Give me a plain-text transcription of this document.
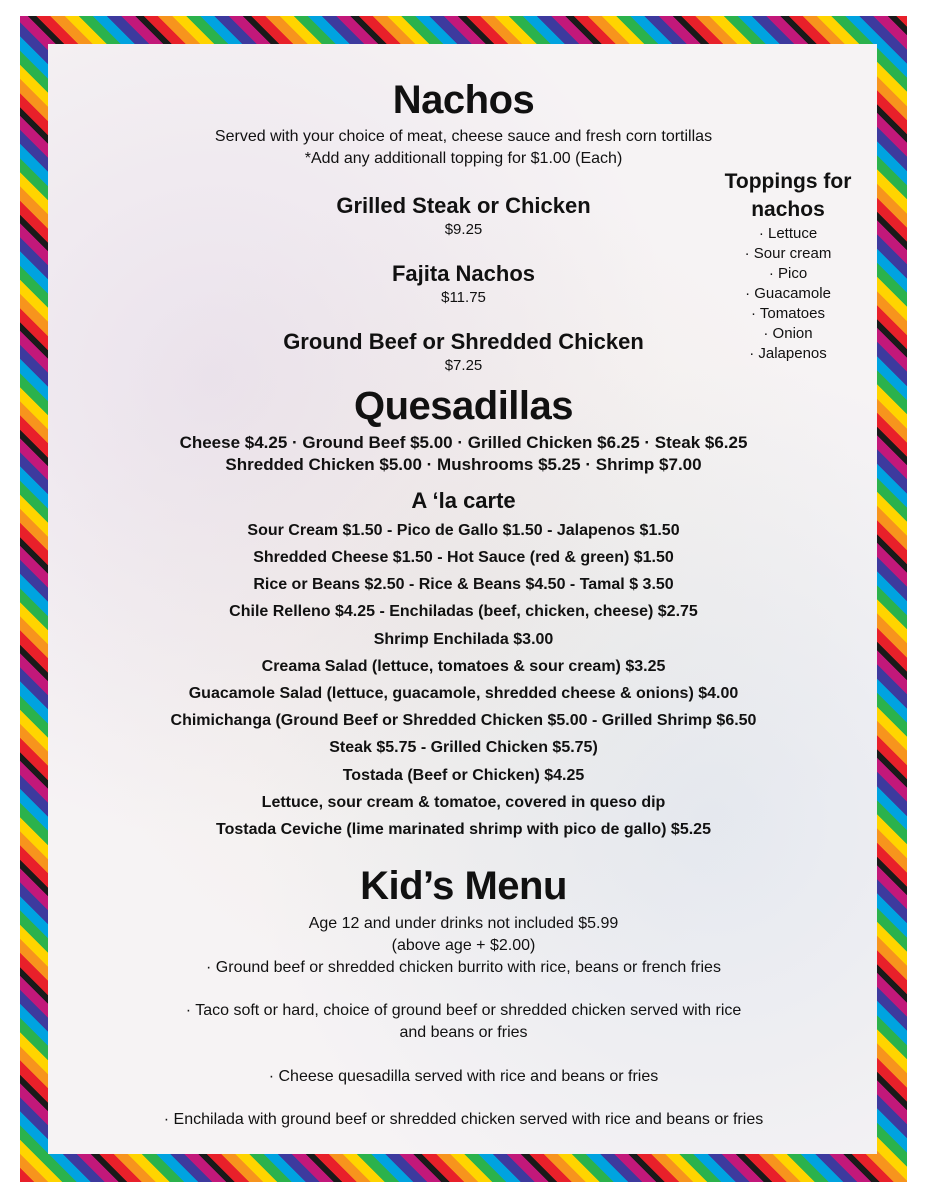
Nachos
Served with your choice of meat, cheese sauce and fresh corn tortillas
*Add any additionall topping for $1.00 (Each)
Grilled Steak or Chicken
$9.25
Fajita Nachos
$11.75
Ground Beef or Shredded Chicken
$7.25
Toppings for
nachos
· Lettuce
· Sour cream
· Pico
· Guacamole
· Tomatoes
· Onion
· Jalapenos
Quesadillas
Cheese $4.25 · Ground Beef $5.00 · Grilled Chicken $6.25 · Steak $6.25
Shredded Chicken $5.00 · Mushrooms $5.25 · Shrimp $7.00
A ‘la carte
Sour Cream $1.50 - Pico de Gallo $1.50 - Jalapenos $1.50
Shredded Cheese $1.50 - Hot Sauce (red & green) $1.50
Rice or Beans $2.50 - Rice & Beans $4.50 - Tamal $ 3.50
Chile Relleno $4.25 - Enchiladas (beef, chicken, cheese) $2.75
Shrimp Enchilada $3.00
Creama Salad (lettuce, tomatoes & sour cream) $3.25
Guacamole Salad (lettuce, guacamole, shredded cheese & onions) $4.00
Chimichanga (Ground Beef or Shredded Chicken $5.00 - Grilled Shrimp $6.50
Steak $5.75 - Grilled Chicken $5.75)
Tostada (Beef or Chicken) $4.25
Lettuce, sour cream & tomatoe, covered in queso dip
Tostada Ceviche (lime marinated shrimp with pico de gallo) $5.25
Kid’s Menu
Age 12 and under drinks not included $5.99
(above age + $2.00)
· Ground beef or shredded chicken burrito with rice, beans or french fries
· Taco soft or hard, choice of ground beef or shredded chicken served with rice
and beans or fries
· Cheese quesadilla served with rice and beans or fries
· Enchilada with ground beef or shredded chicken served with rice and beans or fries
